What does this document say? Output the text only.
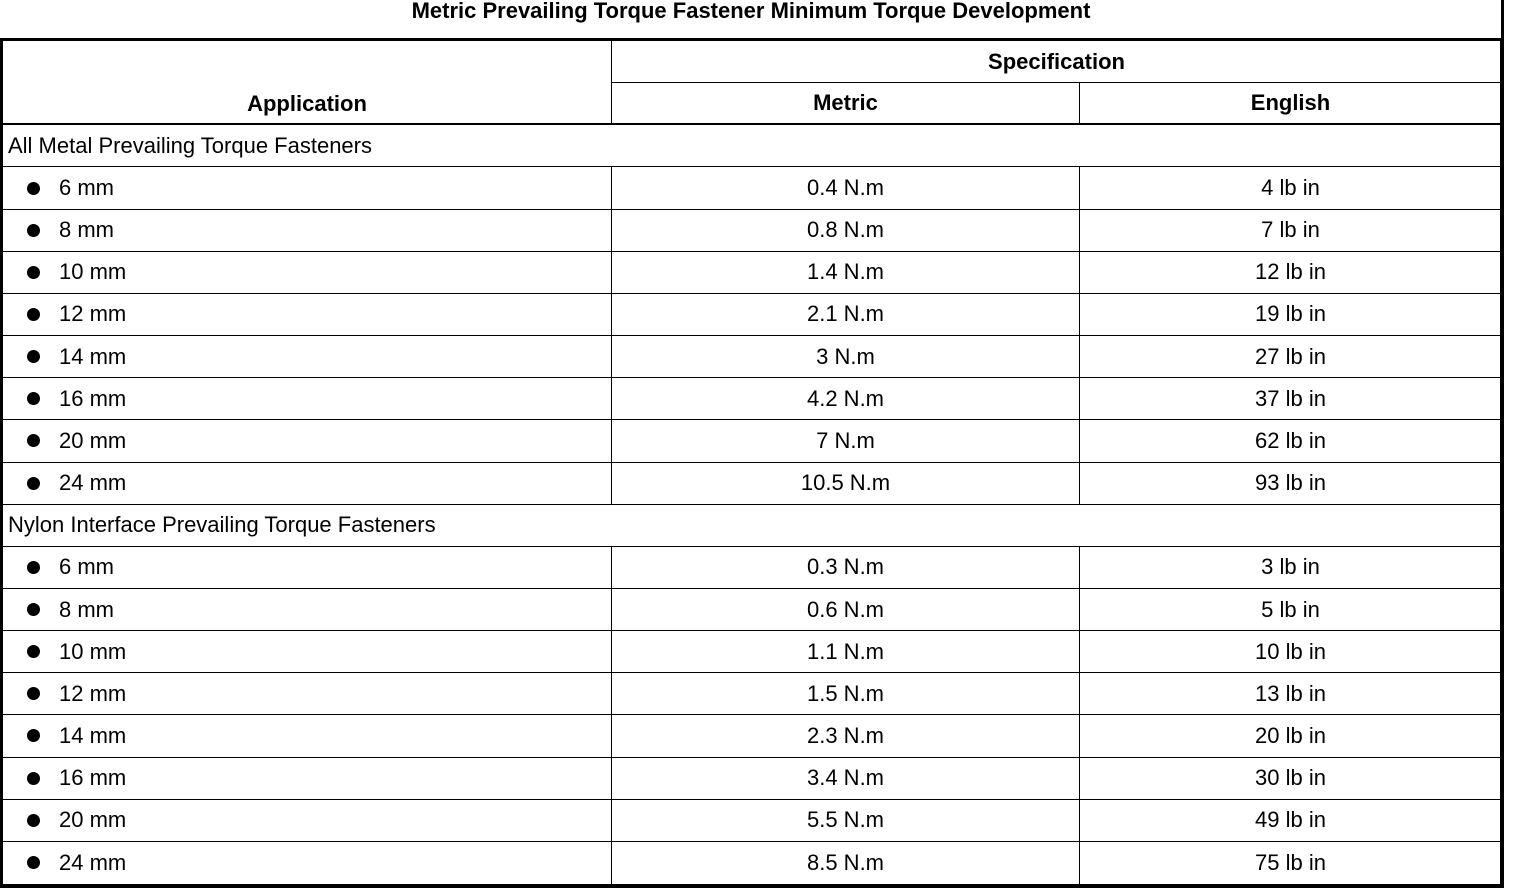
Metric Prevailing Torque Fastener Minimum Torque Development
Application
Specification
Metric	English
All Metal Prevailing Torque Fasteners
6 mm	0.4 N.m	4 lb in
8 mm	0.8 N.m	7 lb in
10 mm	1.4 N.m	12 lb in
12 mm	2.1 N.m	19 lb in
14 mm	3 N.m	27 lb in
16 mm	4.2 N.m	37 lb in
20 mm	7 N.m	62 lb in
24 mm	10.5 N.m	93 lb in
Nylon Interface Prevailing Torque Fasteners
6 mm	0.3 N.m	3 lb in
8 mm	0.6 N.m	5 lb in
10 mm	1.1 N.m	10 lb in
12 mm	1.5 N.m	13 lb in
14 mm	2.3 N.m	20 lb in
16 mm	3.4 N.m	30 lb in
20 mm	5.5 N.m	49 lb in
24 mm	8.5 N.m	75 lb in
